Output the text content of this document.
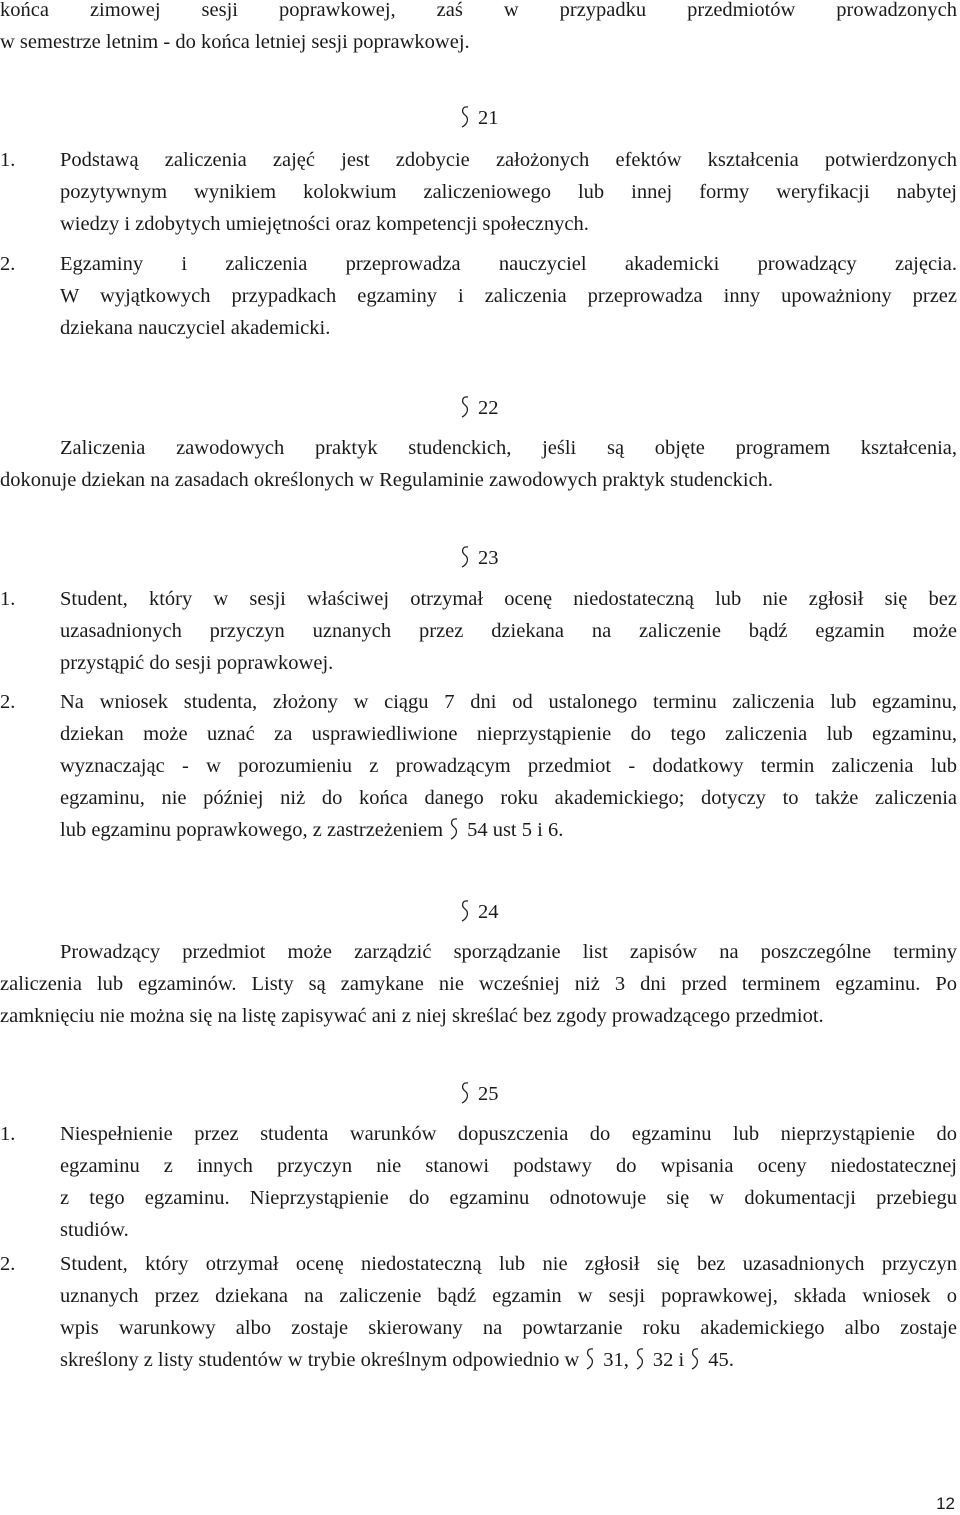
końca zimowej sesji poprawkowej, zaś w przypadku przedmiotów prowadzonych
w semestrze letnim - do końca letniej sesji poprawkowej.
21
1. Podstawą zaliczenia zajęć jest zdobycie założonych efektów kształcenia potwierdzonych
pozytywnym wynikiem kolokwium zaliczeniowego lub innej formy weryfikacji nabytej
wiedzy i zdobytych umiejętności oraz kompetencji społecznych.
2. Egzaminy i zaliczenia przeprowadza nauczyciel akademicki prowadzący zajęcia.
W wyjątkowych przypadkach egzaminy i zaliczenia przeprowadza inny upoważniony przez
dziekana nauczyciel akademicki.
22
Zaliczenia zawodowych praktyk studenckich, jeśli są objęte programem kształcenia,
dokonuje dziekan na zasadach określonych w Regulaminie zawodowych praktyk studenckich.
23
1. Student, który w sesji właściwej otrzymał ocenę niedostateczną lub nie zgłosił się bez
uzasadnionych przyczyn uznanych przez dziekana na zaliczenie bądź egzamin może
przystąpić do sesji poprawkowej.
2. Na wniosek studenta, złożony w ciągu 7 dni od ustalonego terminu zaliczenia lub egzaminu,
dziekan może uznać za usprawiedliwione nieprzystąpienie do tego zaliczenia lub egzaminu,
wyznaczając - w porozumieniu z prowadzącym przedmiot - dodatkowy termin zaliczenia lub
egzaminu, nie później niż do końca danego roku akademickiego; dotyczy to także zaliczenia
lub egzaminu poprawkowego, z zastrzeżeniem 54 ust 5 i 6.
24
Prowadzący przedmiot może zarządzić sporządzanie list zapisów na poszczególne terminy
zaliczenia lub egzaminów. Listy są zamykane nie wcześniej niż 3 dni przed terminem egzaminu. Po
zamknięciu nie można się na listę zapisywać ani z niej skreślać bez zgody prowadzącego przedmiot.
25
1. Niespełnienie przez studenta warunków dopuszczenia do egzaminu lub nieprzystąpienie do
egzaminu z innych przyczyn nie stanowi podstawy do wpisania oceny niedostatecznej
z tego egzaminu. Nieprzystąpienie do egzaminu odnotowuje się w dokumentacji przebiegu
studiów.
2. Student, który otrzymał ocenę niedostateczną lub nie zgłosił się bez uzasadnionych przyczyn
uznanych przez dziekana na zaliczenie bądź egzamin w sesji poprawkowej, składa wniosek o
wpis warunkowy albo zostaje skierowany na powtarzanie roku akademickiego albo zostaje
skreślony z listy studentów w trybie określnym odpowiednio w 31, 32 i 45.
12
